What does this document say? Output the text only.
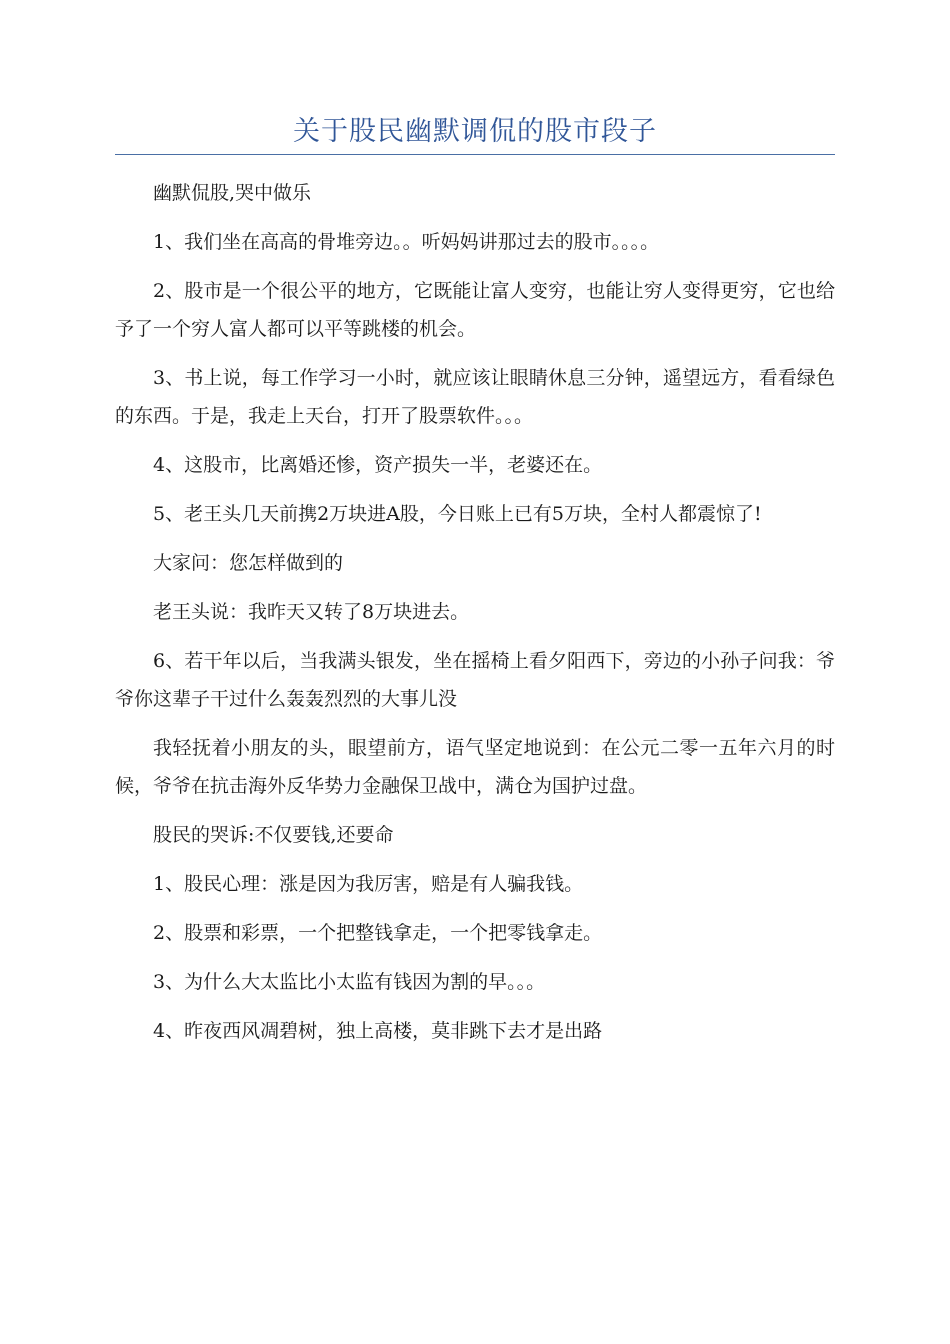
关于股民幽默调侃的股市段子

幽默侃股,哭中做乐

1、我们坐在高高的骨堆旁边。。听妈妈讲那过去的股市。。。。

2、股市是一个很公平的地方，它既能让富人变穷，也能让穷人变得更穷，它也给予了一个穷人富人都可以平等跳楼的机会。

3、书上说，每工作学习一小时，就应该让眼睛休息三分钟，遥望远方，看看绿色的东西。于是，我走上天台，打开了股票软件。。。

4、这股市，比离婚还惨，资产损失一半，老婆还在。

5、老王头几天前携2万块进A股，今日账上已有5万块，全村人都震惊了!

大家问：您怎样做到的

老王头说：我昨天又转了8万块进去。

6、若干年以后，当我满头银发，坐在摇椅上看夕阳西下，旁边的小孙子问我：爷爷你这辈子干过什么轰轰烈烈的大事儿没

我轻抚着小朋友的头，眼望前方，语气坚定地说到：在公元二零一五年六月的时候，爷爷在抗击海外反华势力金融保卫战中，满仓为国护过盘。

股民的哭诉:不仅要钱,还要命

1、股民心理：涨是因为我厉害，赔是有人骗我钱。

2、股票和彩票，一个把整钱拿走，一个把零钱拿走。

3、为什么大太监比小太监有钱因为割的早。。。

4、昨夜西风凋碧树，独上高楼，莫非跳下去才是出路
